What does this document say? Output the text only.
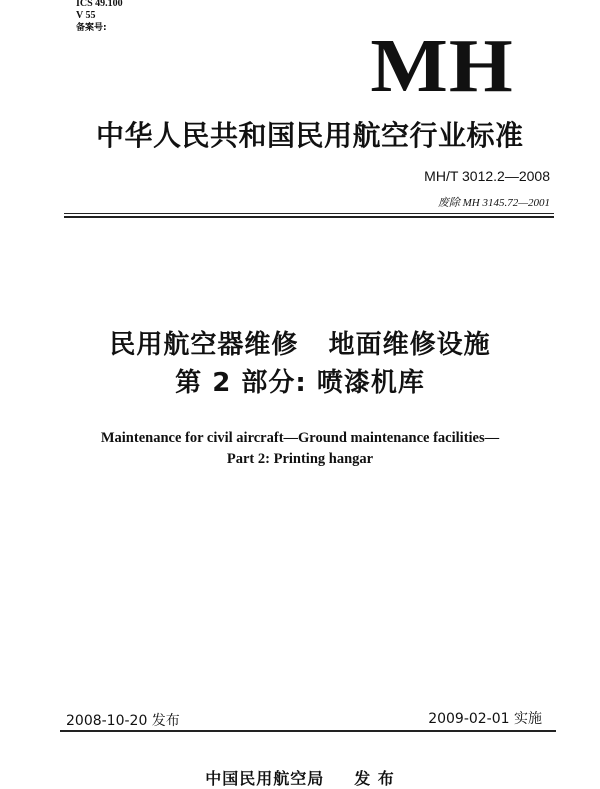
ICS 49.100
V 55
备案号:	MH
中华人民共和国民用航空行业标准
MH/T 3012.2—2008
废除 MH 3145.72—2001
民用航空器维修   地面维修设施
第 2 部分: 喷漆机库
Maintenance for civil aircraft—Ground maintenance facilities—
Part 2: Printing hangar
2008-10-20 发布	2009-02-01 实施
中国民用航空局 发 布
